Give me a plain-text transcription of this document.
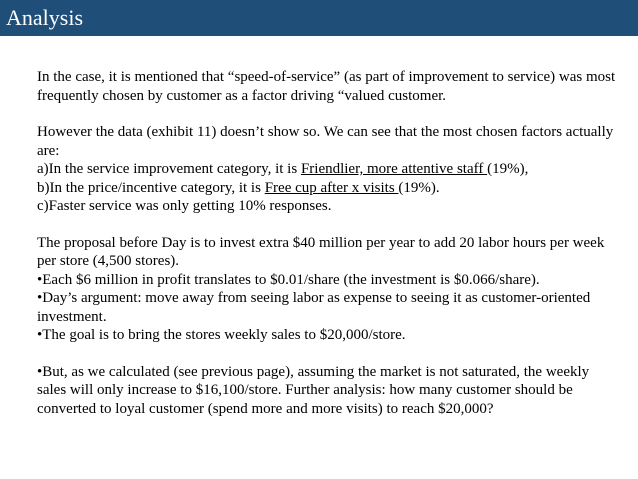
Analysis

In the case, it is mentioned that “speed-of-service” (as part of improvement to service) was most frequently chosen by customer as a factor driving “valued customer.

However the data (exhibit 11) doesn’t show so. We can see that the most chosen factors actually are:

a)In the service improvement category, it is Friendlier, more attentive staff (19%),

b)In the price/incentive category, it is Free cup after x visits (19%).

c)Faster service was only getting 10% responses.

The proposal before Day is to invest extra $40 million per year to add 20 labor hours per week per store (4,500 stores).

•Each $6 million in profit translates to $0.01/share (the investment is $0.066/share).

•Day’s argument: move away from seeing labor as expense to seeing it as customer-oriented investment.

•The goal is to bring the stores weekly sales to $20,000/store.

•But, as we calculated (see previous page), assuming the market is not saturated, the weekly sales will only increase to $16,100/store. Further analysis: how many customer should be converted to loyal customer (spend more and more visits) to reach $20,000?
